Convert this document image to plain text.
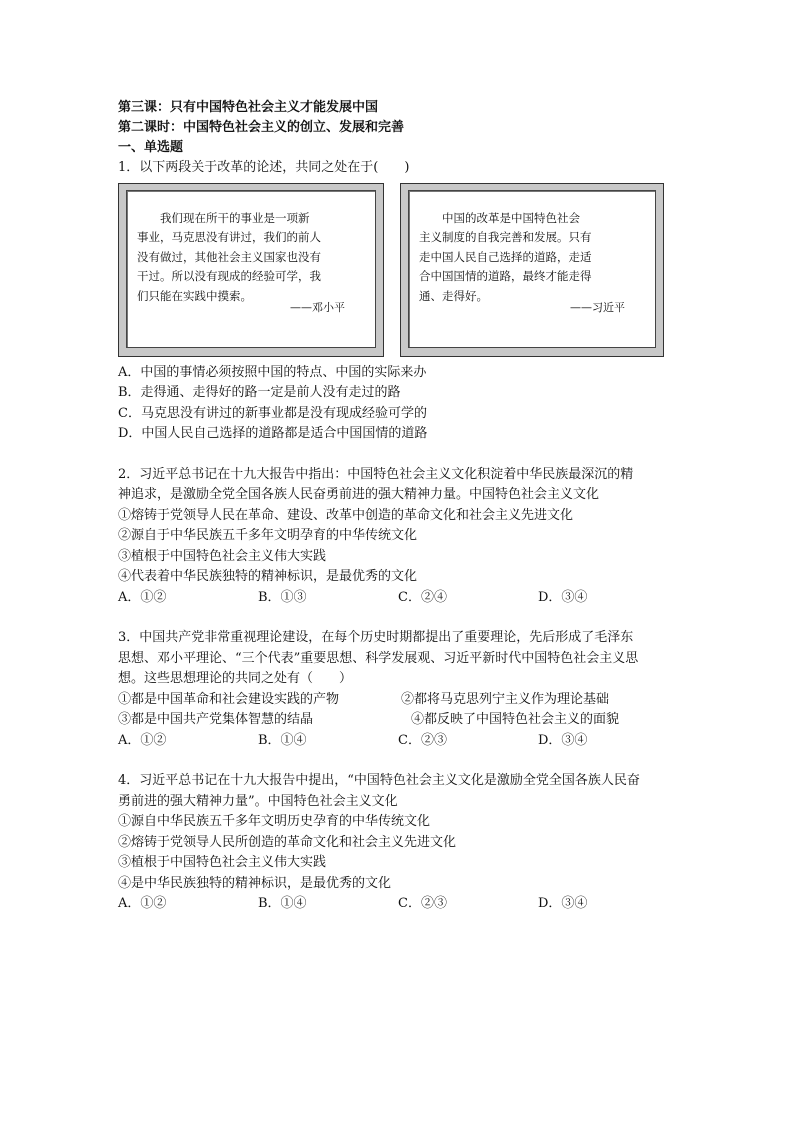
第三课：只有中国特色社会主义才能发展中国
第二课时：中国特色社会主义的创立、发展和完善
一、单选题
1．以下两段关于改革的论述，共同之处在于(　　)

　　我们现在所干的事业是一项新

事业，马克思没有讲过，我们的前人

没有做过，其他社会主义国家也没有

干过。所以没有现成的经验可学，我

们只能在实践中摸索。

——邓小平

　　中国的改革是中国特色社会

主义制度的自我完善和发展。只有

走中国人民自己选择的道路，走适

合中国国情的道路，最终才能走得

通、走得好。

——习近平
A．中国的事情必须按照中国的特点、中国的实际来办
B．走得通、走得好的路一定是前人没有走过的路
C．马克思没有讲过的新事业都是没有现成经验可学的
D．中国人民自己选择的道路都是适合中国国情的道路
2．习近平总书记在十九大报告中指出：中国特色社会主义文化积淀着中华民族最深沉的精
神追求，是激励全党全国各族人民奋勇前进的强大精神力量。中国特色社会主义文化
①熔铸于党领导人民在革命、建设、改革中创造的革命文化和社会主义先进文化
②源自于中华民族五千多年文明孕育的中华传统文化
③植根于中国特色社会主义伟大实践
④代表着中华民族独特的精神标识，是最优秀的文化
A．①②	B．①③	C．②④	D．③④
3．中国共产党非常重视理论建设，在每个历史时期都提出了重要理论，先后形成了毛泽东
思想、邓小平理论、“三个代表”重要思想、科学发展观、习近平新时代中国特色社会主义思
想。这些思想理论的共同之处有（　　）
①都是中国革命和社会建设实践的产物	②都将马克思列宁主义作为理论基础
③都是中国共产党集体智慧的结晶	④都反映了中国特色社会主义的面貌
A．①②	B．①④	C．②③	D．③④
4．习近平总书记在十九大报告中提出，“中国特色社会主义文化是激励全党全国各族人民奋
勇前进的强大精神力量”。中国特色社会主义文化
①源自中华民族五千多年文明历史孕育的中华传统文化
②熔铸于党领导人民所创造的革命文化和社会主义先进文化
③植根于中国特色社会主义伟大实践
④是中华民族独特的精神标识，是最优秀的文化
A．①②	B．①④	C．②③	D．③④
